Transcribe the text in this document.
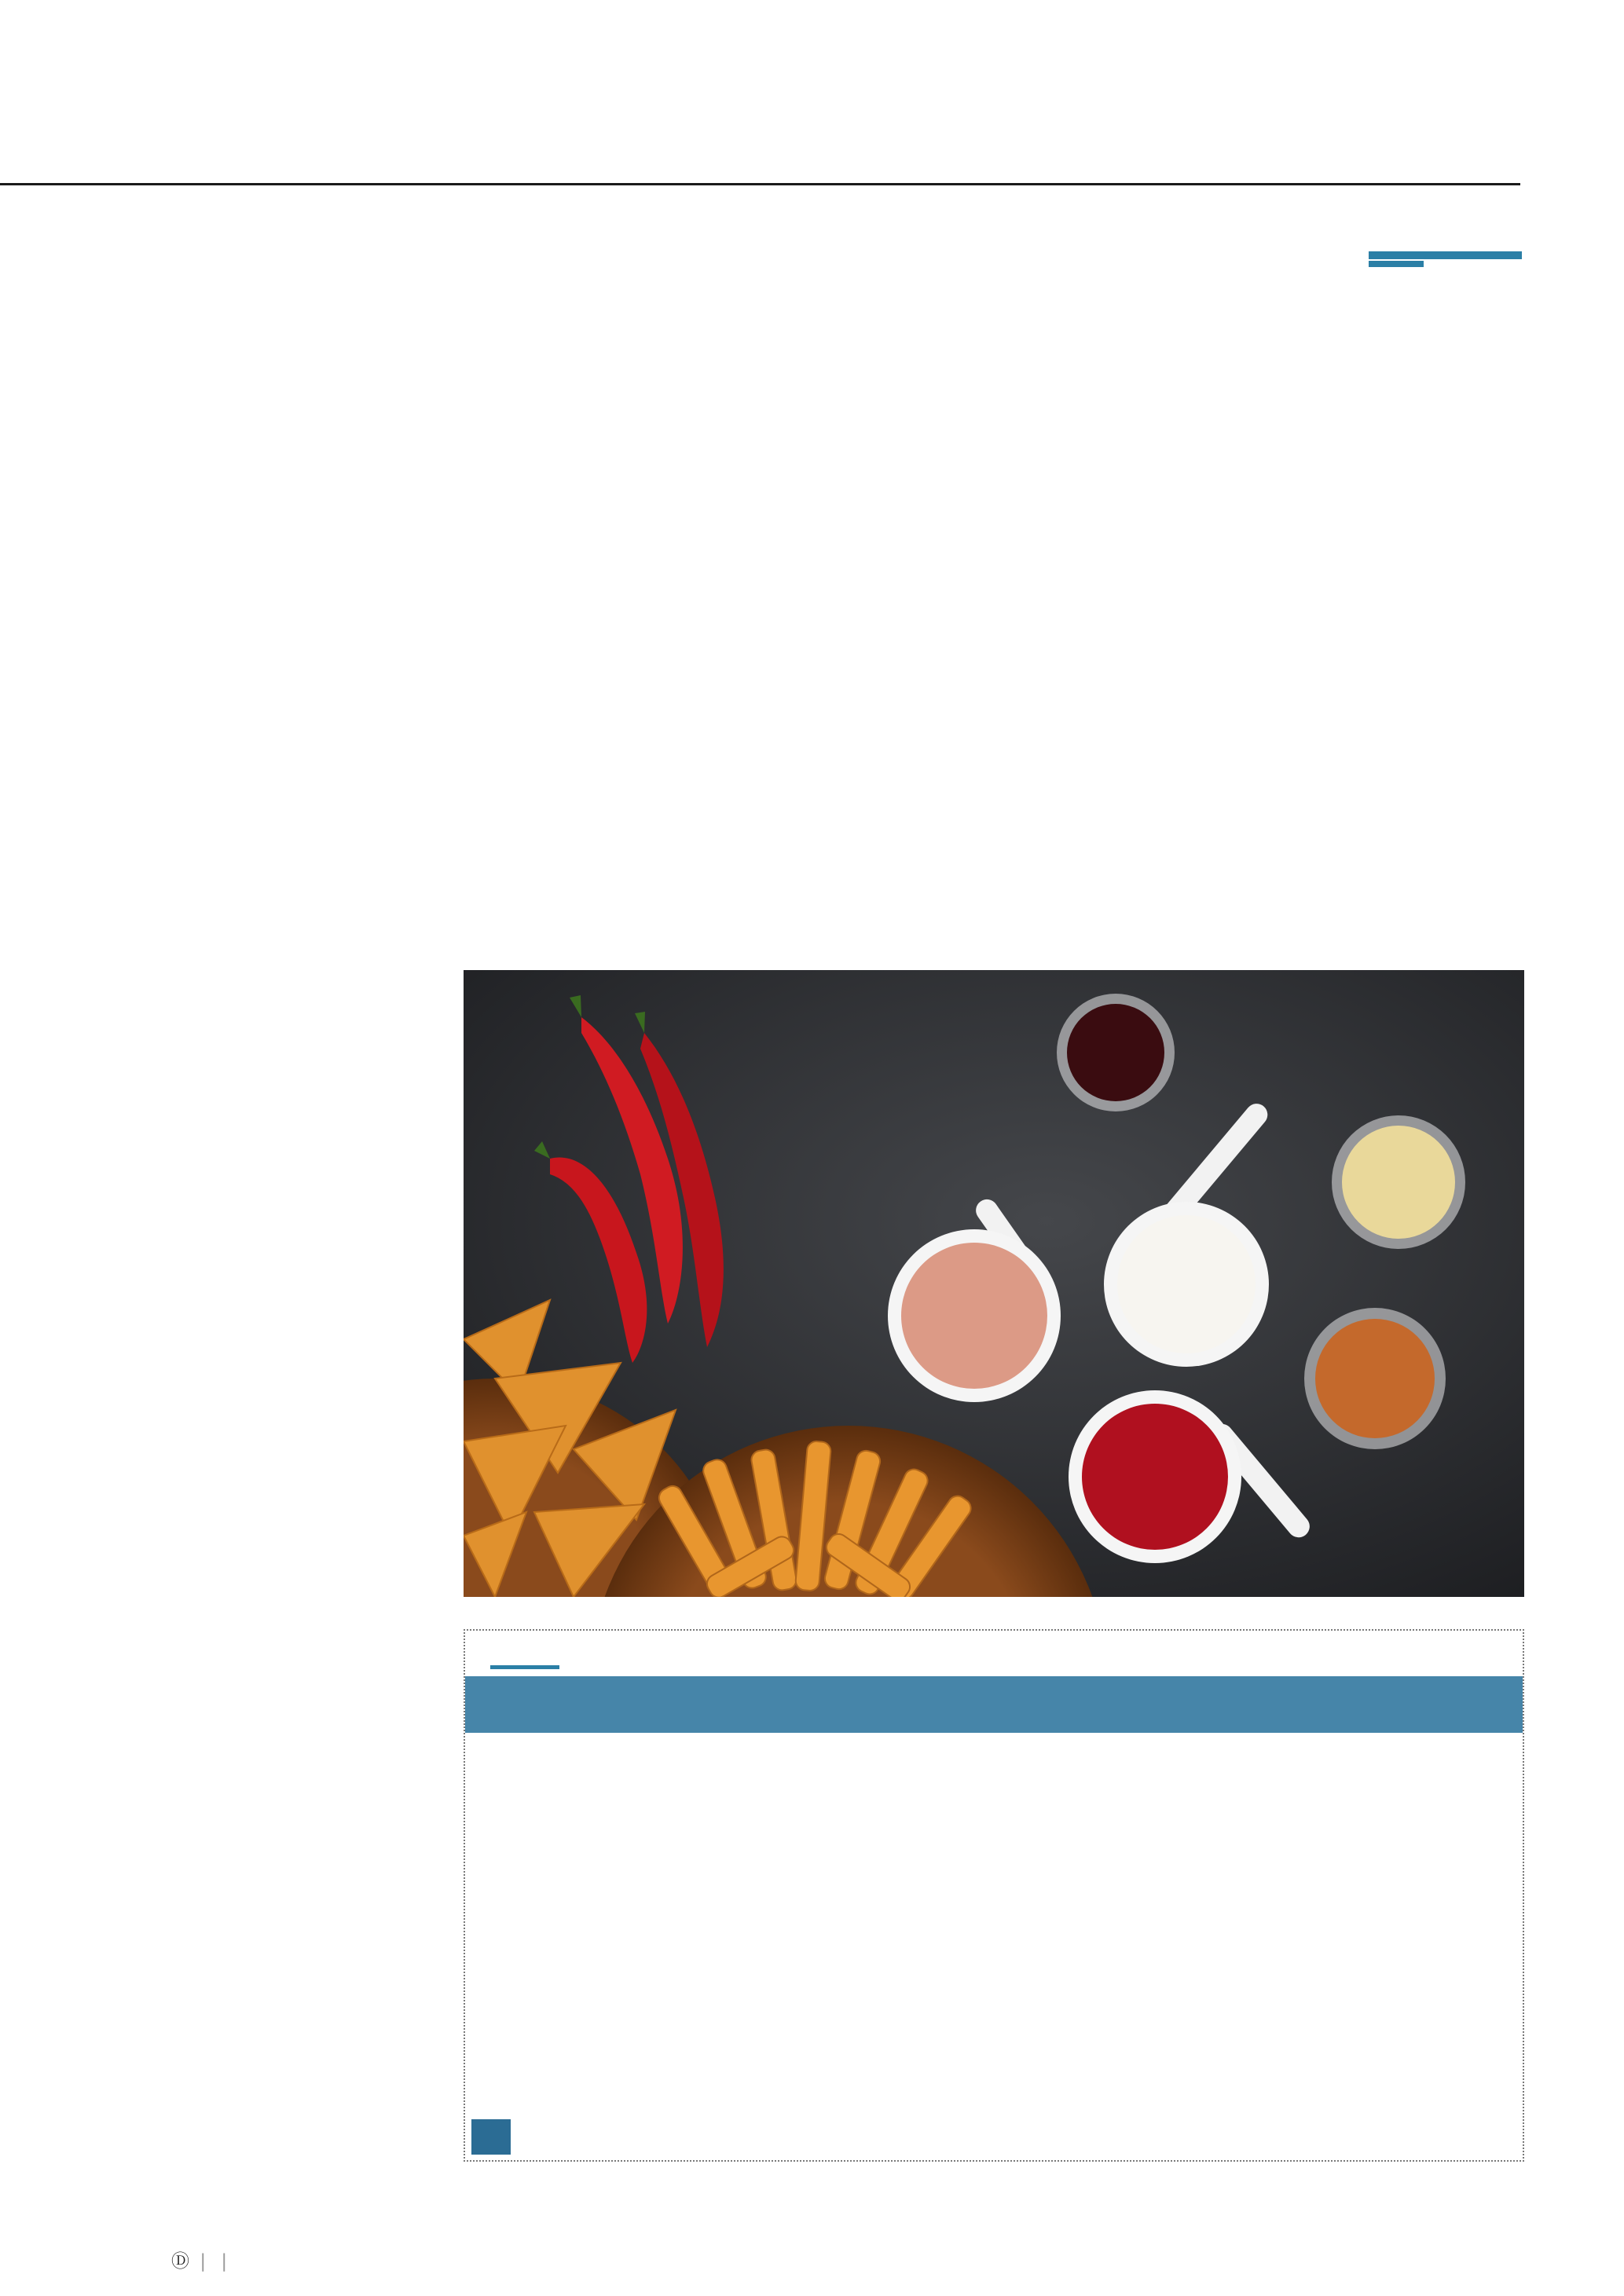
Ⓓ | |
